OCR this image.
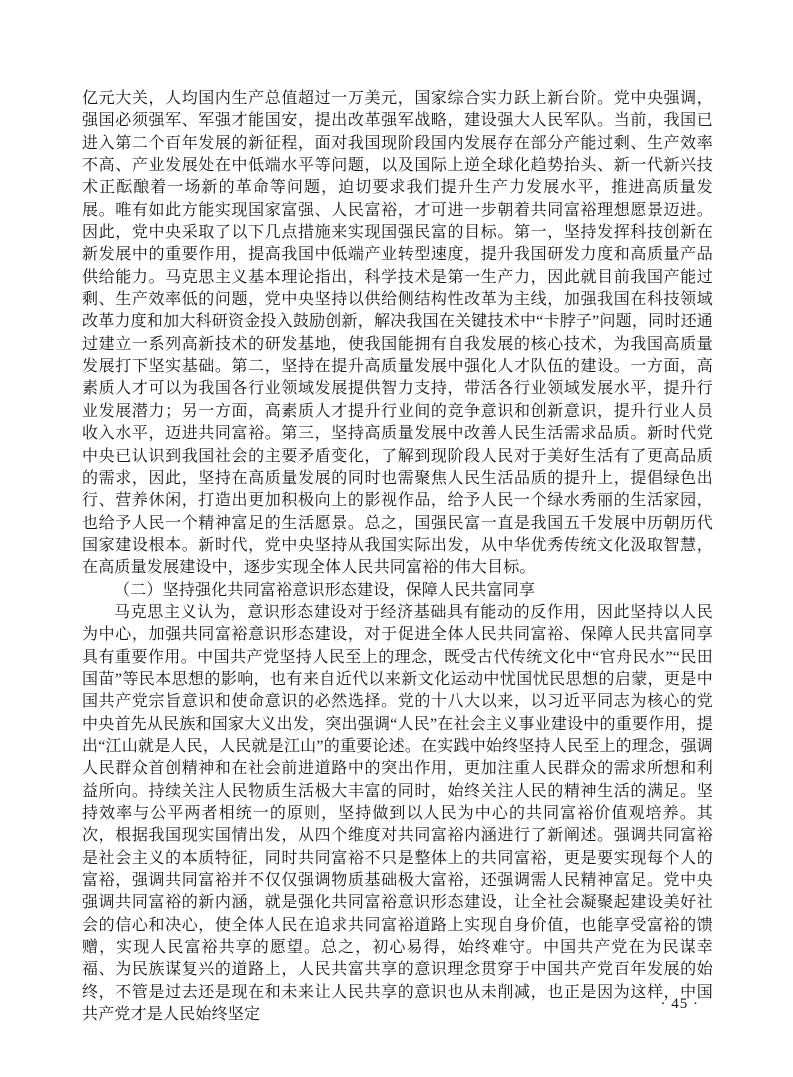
亿元大关，人均国内生产总值超过一万美元，国家综合实力跃上新台阶。党中央强调，强国必须强军、军强才能国安，提出改革强军战略，建设强大人民军队。当前，我国已进入第二个百年发展的新征程，面对我国现阶段国内发展存在部分产能过剩、生产效率不高、产业发展处在中低端水平等问题，以及国际上逆全球化趋势抬头、新一代新兴技术正酝酿着一场新的革命等问题，迫切要求我们提升生产力发展水平，推进高质量发展。唯有如此方能实现国家富强、人民富裕，才可进一步朝着共同富裕理想愿景迈进。因此，党中央采取了以下几点措施来实现国强民富的目标。第一，坚持发挥科技创新在新发展中的重要作用，提高我国中低端产业转型速度，提升我国研发力度和高质量产品供给能力。马克思主义基本理论指出，科学技术是第一生产力，因此就目前我国产能过剩、生产效率低的问题，党中央坚持以供给侧结构性改革为主线，加强我国在科技领域改革力度和加大科研资金投入鼓励创新，解决我国在关键技术中“卡脖子”问题，同时还通过建立一系列高新技术的研发基地，使我国能拥有自我发展的核心技术，为我国高质量发展打下坚实基础。第二，坚持在提升高质量发展中强化人才队伍的建设。一方面，高素质人才可以为我国各行业领域发展提供智力支持，带活各行业领域发展水平，提升行业发展潜力；另一方面，高素质人才提升行业间的竞争意识和创新意识，提升行业人员收入水平，迈进共同富裕。第三，坚持高质量发展中改善人民生活需求品质。新时代党中央已认识到我国社会的主要矛盾变化，了解到现阶段人民对于美好生活有了更高品质的需求，因此，坚持在高质量发展的同时也需聚焦人民生活品质的提升上，提倡绿色出行、营养休闲，打造出更加积极向上的影视作品，给予人民一个绿水秀丽的生活家园，也给予人民一个精神富足的生活愿景。总之，国强民富一直是我国五千发展中历朝历代国家建设根本。新时代，党中央坚持从我国实际出发，从中华优秀传统文化汲取智慧，在高质量发展建设中，逐步实现全体人民共同富裕的伟大目标。

（二）坚持强化共同富裕意识形态建设，保障人民共富同享

马克思主义认为，意识形态建设对于经济基础具有能动的反作用，因此坚持以人民为中心，加强共同富裕意识形态建设，对于促进全体人民共同富裕、保障人民共富同享具有重要作用。中国共产党坚持人民至上的理念，既受古代传统文化中“官舟民水”“民田国苗”等民本思想的影响，也有来自近代以来新文化运动中忧国忧民思想的启蒙，更是中国共产党宗旨意识和使命意识的必然选择。党的十八大以来，以习近平同志为核心的党中央首先从民族和国家大义出发，突出强调“人民”在社会主义事业建设中的重要作用，提出“江山就是人民，人民就是江山”的重要论述。在实践中始终坚持人民至上的理念，强调人民群众首创精神和在社会前进道路中的突出作用，更加注重人民群众的需求所想和利益所向。持续关注人民物质生活极大丰富的同时，始终关注人民的精神生活的满足。坚持效率与公平两者相统一的原则，坚持做到以人民为中心的共同富裕价值观培养。其次，根据我国现实国情出发，从四个维度对共同富裕内涵进行了新阐述。强调共同富裕是社会主义的本质特征，同时共同富裕不只是整体上的共同富裕，更是要实现每个人的富裕，强调共同富裕并不仅仅强调物质基础极大富裕，还强调需人民精神富足。党中央强调共同富裕的新内涵，就是强化共同富裕意识形态建设，让全社会凝聚起建设美好社会的信心和决心，使全体人民在追求共同富裕道路上实现自身价值，也能享受富裕的馈赠，实现人民富裕共享的愿望。总之，初心易得，始终难守。中国共产党在为民谋幸福、为民族谋复兴的道路上，人民共富共享的意识理念贯穿于中国共产党百年发展的始终，不管是过去还是现在和未来让人民共享的意识也从未削减，也正是因为这样，中国共产党才是人民始终坚定

· 45 ·
